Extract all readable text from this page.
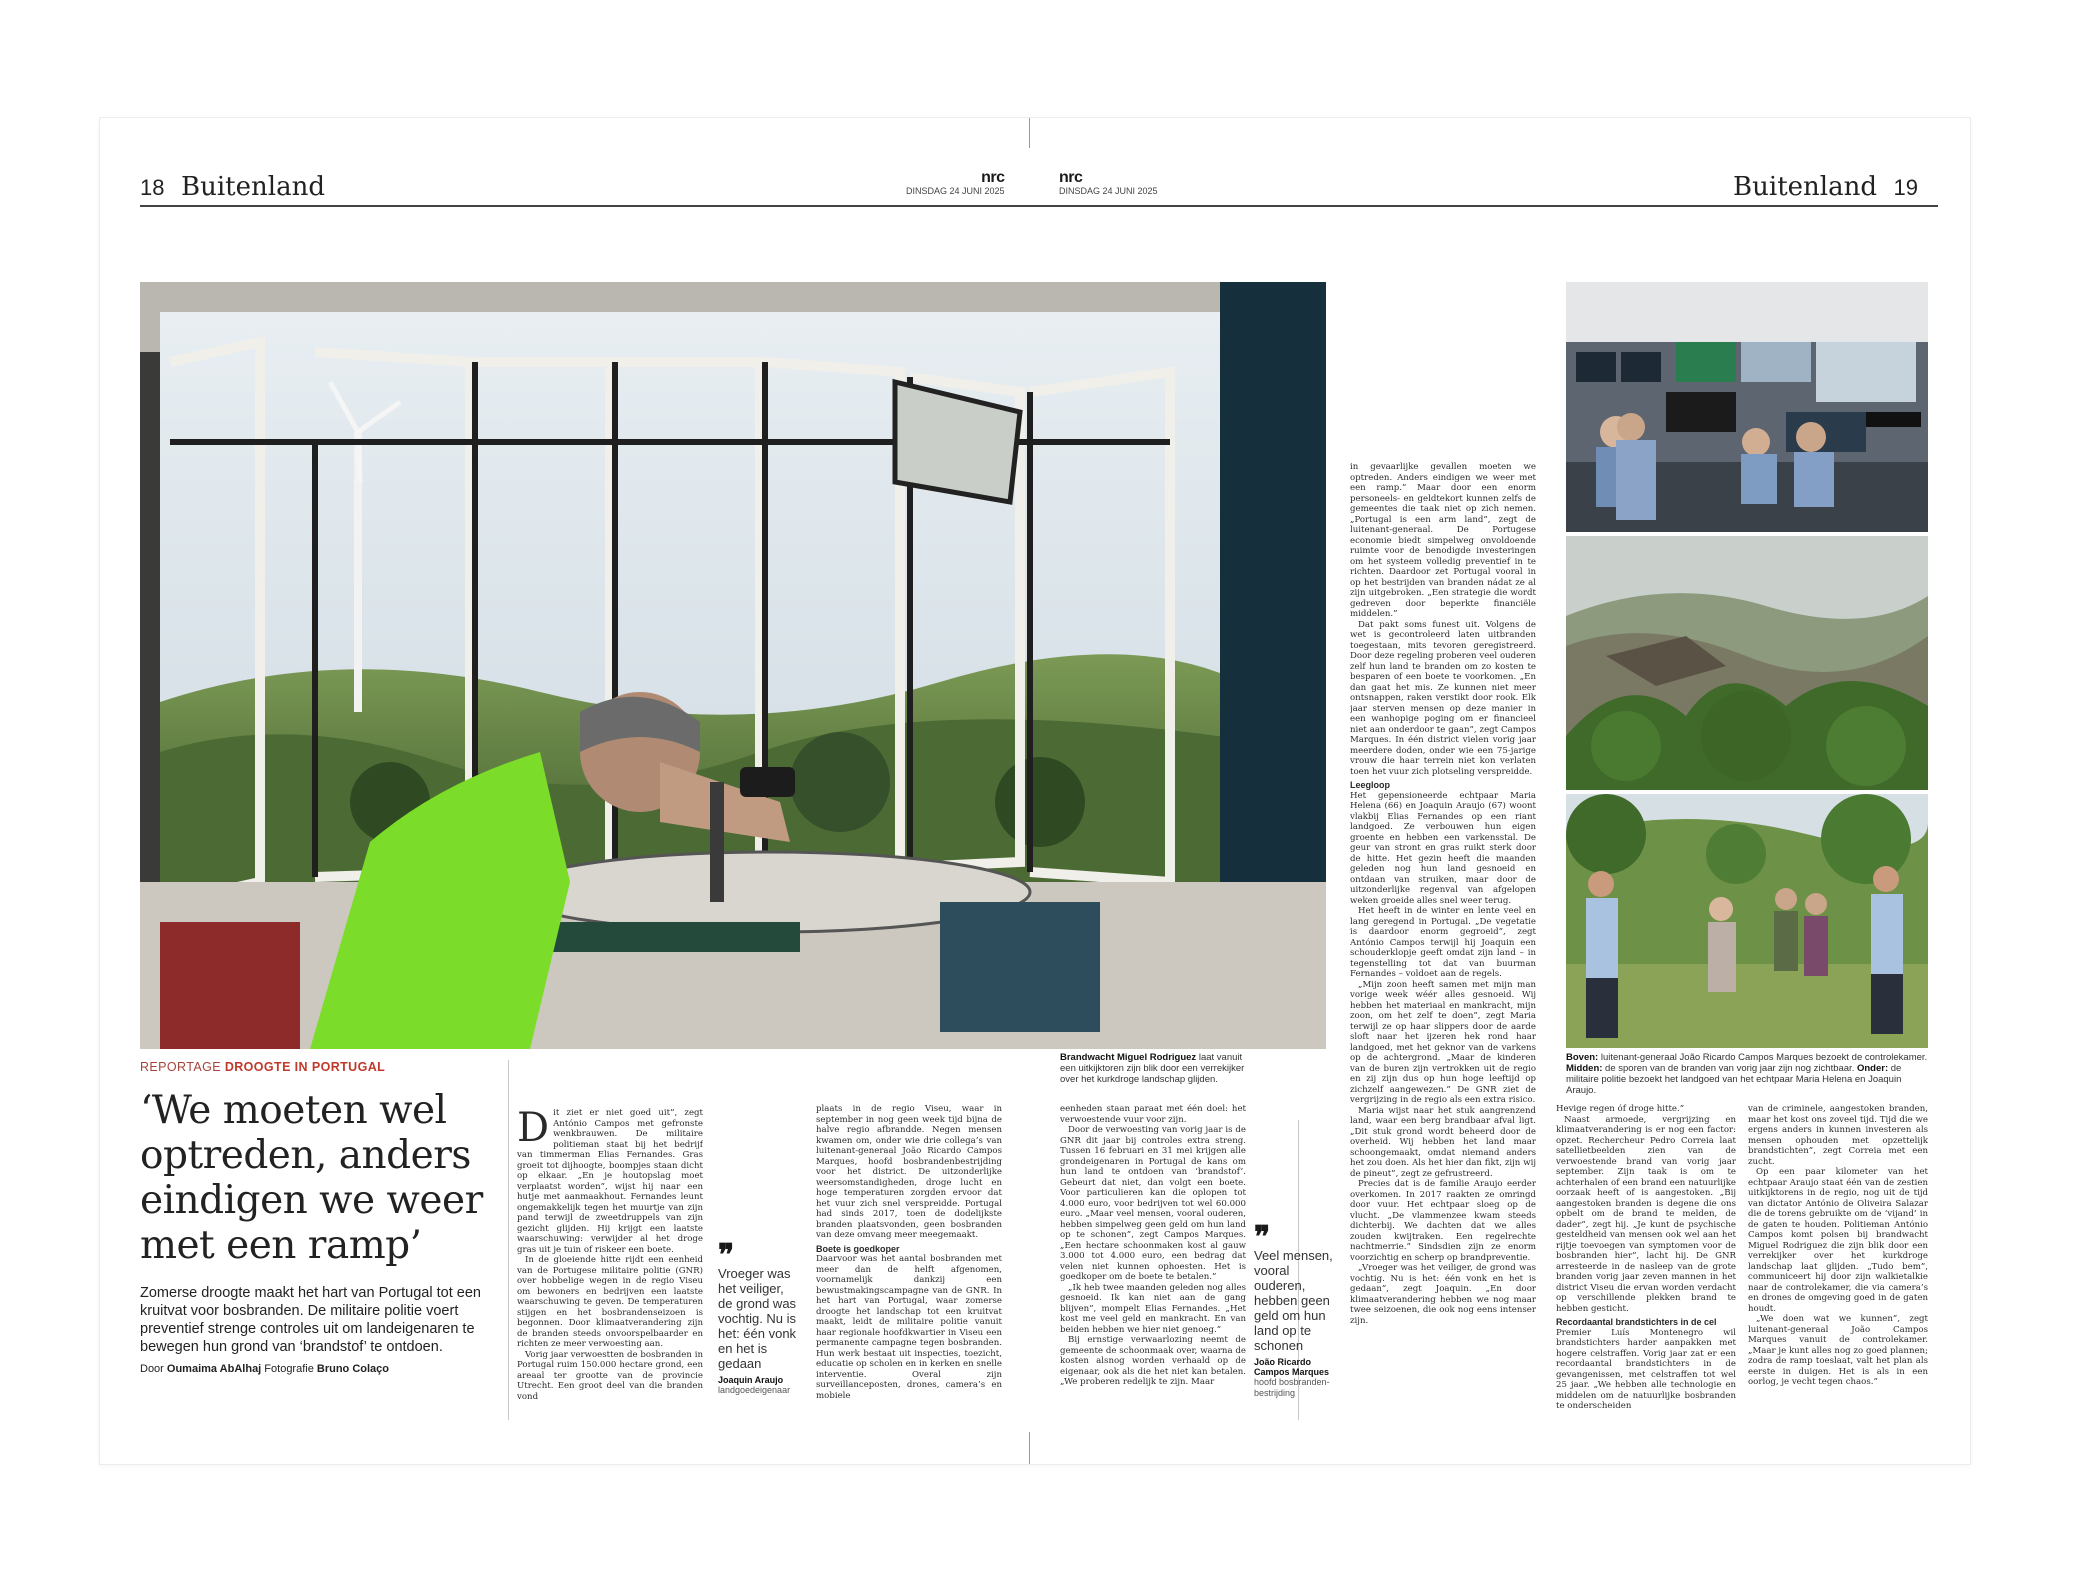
18 Buitenland	nrc
DINSDAG 24 JUNI 2025
nrc
DINSDAG 24 JUNI 2025	Buitenland 19
Brandwacht Miguel Rodriguez laat vanuit een uitkijktoren zijn blik door een verrekijker over het kurkdroge landschap glijden.
Boven: luitenant-generaal João Ricardo Campos Marques bezoekt de controlekamer. Midden: de sporen van de branden van vorig jaar zijn nog zichtbaar. Onder: de militaire politie bezoekt het landgoed van het echtpaar Maria Helena en Joaquin Araujo.
REPORTAGE DROOGTE IN PORTUGAL
‘We moeten wel optreden, anders eindigen we weer met een ramp’
Zomerse droogte maakt het hart van Portugal tot een kruitvat voor bosbranden. De militaire politie voert preventief strenge controles uit om landeigenaren te bewegen hun grond van ‘brandstof’ te ontdoen.
Door Oumaima AbAlhaj Fotografie Bruno Colaço

Dit ziet er niet goed uit”, zegt António Campos met gefronste wenkbrauwen. De militaire politieman staat bij het bedrijf van timmerman Elias Fernandes. Gras groeit tot dijhoogte, boompjes staan dicht op elkaar. „En je houtopslag moet verplaatst worden”, wijst hij naar een hutje met aanmaakhout. Fernandes leunt ongemakkelijk tegen het muurtje van zijn pand terwijl de zweetdruppels van zijn gezicht glijden. Hij krijgt een laatste waarschuwing: verwijder al het droge gras uit je tuin of riskeer een boete.

In de gloeiende hitte rijdt een eenheid van de Portugese militaire politie (GNR) over hobbelige wegen in de regio Viseu om bewoners en bedrijven een laatste waarschuwing te geven. De temperaturen stijgen en het bosbrandenseizoen is begonnen. Door klimaatverandering zijn de branden steeds onvoorspelbaarder en richten ze meer verwoesting aan.

Vorig jaar verwoestten de bosbranden in Portugal ruim 150.000 hectare grond, een areaal ter grootte van de provincie Utrecht. Een groot deel van die branden vond

❞
Vroeger was het veiliger, de grond was vochtig. Nu is het: één vonk en het is gedaan
Joaquin Araujo
landgoedeigenaar

plaats in de regio Viseu, waar in september in nog geen week tijd bijna de halve regio afbrandde. Negen mensen kwamen om, onder wie drie collega’s van luitenant-generaal João Ricardo Campos Marques, hoofd bosbrandenbestrijding voor het district. De uitzonderlijke weersomstandigheden, droge lucht en hoge temperaturen zorgden ervoor dat het vuur zich snel verspreidde. Portugal had sinds 2017, toen de dodelijkste branden plaatsvonden, geen bosbranden van deze omvang meer meegemaakt.

Boete is goedkoper

Daarvoor was het aantal bosbranden met meer dan de helft afgenomen, voornamelijk dankzij een bewustmakingscampagne van de GNR. In het hart van Portugal, waar zomerse droogte het landschap tot een kruitvat maakt, leidt de militaire politie vanuit haar regionale hoofdkwartier in Viseu een permanente campagne tegen bosbranden. Hun werk bestaat uit inspecties, toezicht, educatie op scholen en in kerken en snelle interventie. Overal zijn surveillanceposten, drones, camera’s en mobiele

eenheden staan paraat met één doel: het verwoestende vuur voor zijn.

Door de verwoesting van vorig jaar is de GNR dit jaar bij controles extra streng. Tussen 16 februari en 31 mei krijgen alle grondeigenaren in Portugal de kans om hun land te ontdoen van ‘brandstof’. Gebeurt dat niet, dan volgt een boete. Voor particulieren kan die oplopen tot 4.000 euro, voor bedrijven tot wel 60.000 euro. „Maar veel mensen, vooral ouderen, hebben simpelweg geen geld om hun land op te schonen”, zegt Campos Marques. „Een hectare schoonmaken kost al gauw 3.000 tot 4.000 euro, een bedrag dat velen niet kunnen ophoesten. Het is goedkoper om de boete te betalen.”

„Ik heb twee maanden geleden nog alles gesnoeid. Ik kan niet aan de gang blijven”, mompelt Elias Fernandes. „Het kost me veel geld en mankracht. En van beiden hebben we hier niet genoeg.”

Bij ernstige verwaarlozing neemt de gemeente de schoonmaak over, waarna de kosten alsnog worden verhaald op de eigenaar, ook als die het niet kan betalen. „We proberen redelijk te zijn. Maar

❞
Veel mensen, vooral ouderen, hebben geen geld om hun land op te schonen
João Ricardo Campos Marques
hoofd bosbranden-bestrijding

in gevaarlijke gevallen moeten we optreden. Anders eindigen we weer met een ramp.” Maar door een enorm personeels- en geldtekort kunnen zelfs de gemeentes die taak niet op zich nemen. „Portugal is een arm land”, zegt de luitenant-generaal. De Portugese economie biedt simpelweg onvoldoende ruimte voor de benodigde investeringen om het systeem volledig preventief in te richten. Daardoor zet Portugal vooral in op het bestrijden van branden nádat ze al zijn uitgebroken. „Een strategie die wordt gedreven door beperkte financiële middelen.”

Dat pakt soms funest uit. Volgens de wet is gecontroleerd laten uitbranden toegestaan, mits tevoren geregistreerd. Door deze regeling proberen veel ouderen zelf hun land te branden om zo kosten te besparen of een boete te voorkomen. „En dan gaat het mis. Ze kunnen niet meer ontsnappen, raken verstikt door rook. Elk jaar sterven mensen op deze manier in een wanhopige poging om er financieel niet aan onderdoor te gaan”, zegt Campos Marques. In één district vielen vorig jaar meerdere doden, onder wie een 75-jarige vrouw die haar terrein niet kon verlaten toen het vuur zich plotseling verspreidde.

Leegloop

Het gepensioneerde echtpaar Maria Helena (66) en Joaquin Araujo (67) woont vlakbij Elias Fernandes op een riant landgoed. Ze verbouwen hun eigen groente en hebben een varkensstal. De geur van stront en gras ruikt sterk door de hitte. Het gezin heeft die maanden geleden nog hun land gesnoeid en ontdaan van struiken, maar door de uitzonderlijke regenval van afgelopen weken groeide alles snel weer terug.

Het heeft in de winter en lente veel en lang geregend in Portugal. „De vegetatie is daardoor enorm gegroeid”, zegt António Campos terwijl hij Joaquin een schouderklopje geeft omdat zijn land – in tegenstelling tot dat van buurman Fernandes – voldoet aan de regels.

„Mijn zoon heeft samen met mijn man vorige week wéér alles gesnoeid. Wij hebben het materiaal en mankracht, mijn zoon, om het zelf te doen”, zegt Maria terwijl ze op haar slippers door de aarde sloft naar het ijzeren hek rond haar landgoed, met het geknor van de varkens op de achtergrond. „Maar de kinderen van de buren zijn vertrokken uit de regio en zij zijn dus op hun hoge leeftijd op zichzelf aangewezen.” De GNR ziet de vergrijzing in de regio als een extra risico.

Maria wijst naar het stuk aangrenzend land, waar een berg brandbaar afval ligt. „Dit stuk grond wordt beheerd door de overheid. Wij hebben het land maar schoongemaakt, omdat niemand anders het zou doen. Als het hier dan fikt, zijn wij de pineut”, zegt ze gefrustreerd.

Precies dat is de familie Araujo eerder overkomen. In 2017 raakten ze omringd door vuur. Het echtpaar sloeg op de vlucht. „De vlammenzee kwam steeds dichterbij. We dachten dat we alles zouden kwijtraken. Een regelrechte nachtmerrie.” Sindsdien zijn ze enorm voorzichtig en scherp op brandpreventie.

„Vroeger was het veiliger, de grond was vochtig. Nu is het: één vonk en het is gedaan”, zegt Joaquin. „En door klimaatverandering hebben we nog maar twee seizoenen, die ook nog eens intenser zijn.

Hevige regen óf droge hitte.”

Naast armoede, vergrijzing en klimaatverandering is er nog een factor: opzet. Rechercheur Pedro Correia laat satellietbeelden zien van de verwoestende brand van vorig jaar september. Zijn taak is om te achterhalen of een brand een natuurlijke oorzaak heeft of is aangestoken. „Bij aangestoken branden is degene die ons opbelt om de brand te melden, de dader”, zegt hij. „Je kunt de psychische gesteldheid van mensen ook wel aan het rijtje toevoegen van symptomen voor de bosbranden hier”, lacht hij. De GNR arresteerde in de nasleep van de grote branden vorig jaar zeven mannen in het district Viseu die ervan worden verdacht op verschillende plekken brand te hebben gesticht.

Recordaantal brandstichters in de cel

Premier Luís Montenegro wil brandstichters harder aanpakken met hogere celstraffen. Vorig jaar zat er een recordaantal brandstichters in de gevangenissen, met celstraffen tot wel 25 jaar. „We hebben alle technologie en middelen om de natuurlijke bosbranden te onderscheiden

van de criminele, aangestoken branden, maar het kost ons zoveel tijd. Tijd die we ergens anders in kunnen investeren als mensen ophouden met opzettelijk brandstichten”, zegt Correia met een zucht.

Op een paar kilometer van het echtpaar Araujo staat één van de zestien uitkijktorens in de regio, nog uit de tijd van dictator António de Oliveira Salazar die de torens gebruikte om de ‘vijand’ in de gaten te houden. Politieman António Campos komt polsen bij brandwacht Miguel Rodriguez die zijn blik door een verrekijker over het kurkdroge landschap laat glijden. „Tudo bem”, communiceert hij door zijn walkietalkie naar de controlekamer, die via camera’s en drones de omgeving goed in de gaten houdt.

„We doen wat we kunnen”, zegt luitenant-generaal João Campos Marques vanuit de controlekamer. „Maar je kunt alles nog zo goed plannen; zodra de ramp toeslaat, valt het plan als eerste in duigen. Het is als in een oorlog, je vecht tegen chaos.”
